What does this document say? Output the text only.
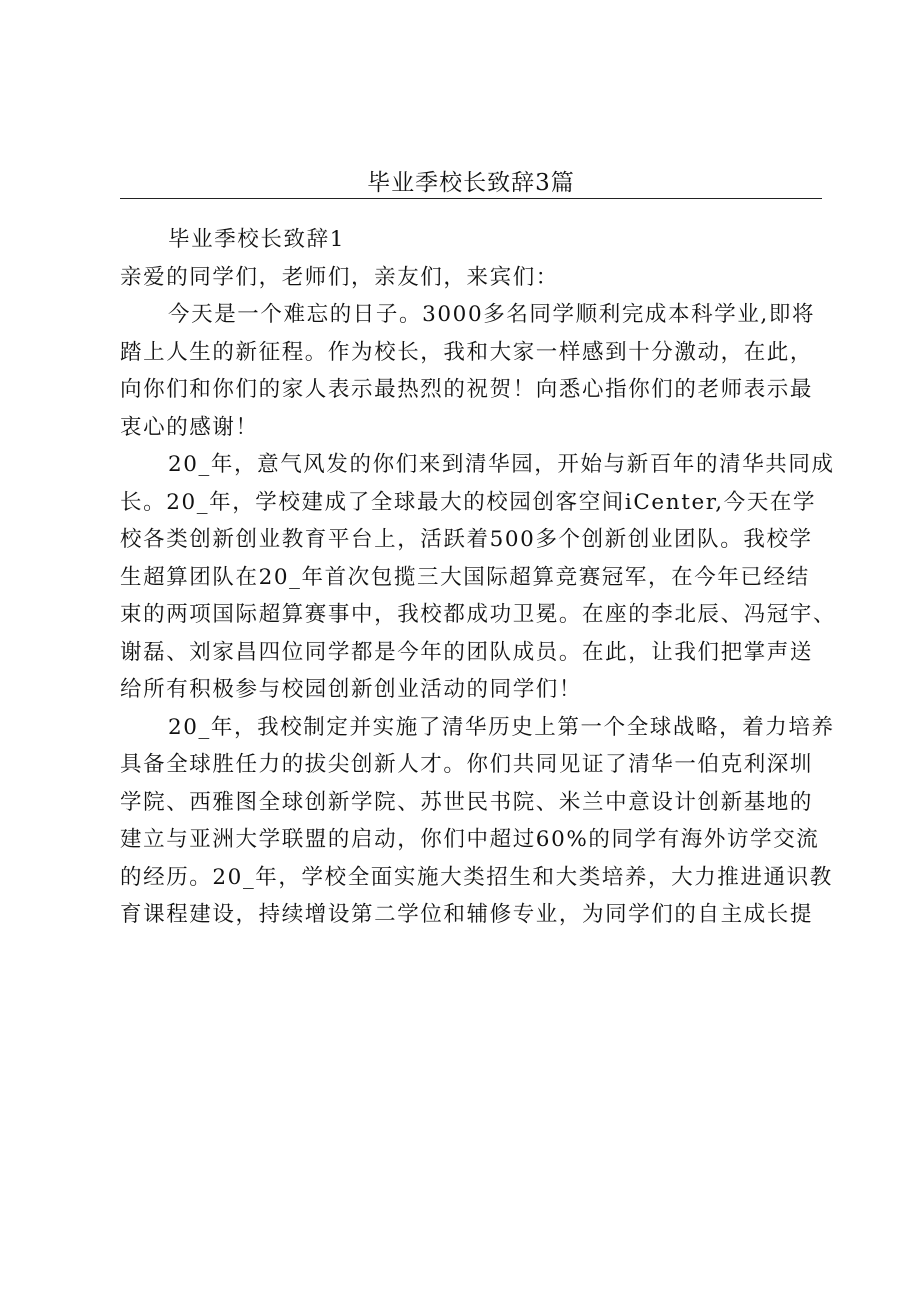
毕业季校长致辞3篇
毕业季校长致辞1
亲爱的同学们，老师们，亲友们，来宾们：
今天是一个难忘的日子。3000多名同学顺利完成本科学业,即将
踏上人生的新征程。作为校长，我和大家一样感到十分激动，在此，
向你们和你们的家人表示最热烈的祝贺！向悉心指你们的老师表示最
衷心的感谢！
20_年，意气风发的你们来到清华园，开始与新百年的清华共同成
长。20_年，学校建成了全球最大的校园创客空间iCenter,今天在学
校各类创新创业教育平台上，活跃着500多个创新创业团队。我校学
生超算团队在20_年首次包揽三大国际超算竞赛冠军，在今年已经结
束的两项国际超算赛事中，我校都成功卫冕。在座的李北辰、冯冠宇、
谢磊、刘家昌四位同学都是今年的团队成员。在此，让我们把掌声送
给所有积极参与校园创新创业活动的同学们！
20_年，我校制定并实施了清华历史上第一个全球战略，着力培养
具备全球胜任力的拔尖创新人才。你们共同见证了清华一伯克利深圳
学院、西雅图全球创新学院、苏世民书院、米兰中意设计创新基地的
建立与亚洲大学联盟的启动，你们中超过60%的同学有海外访学交流
的经历。20_年，学校全面实施大类招生和大类培养，大力推进通识教
育课程建设，持续增设第二学位和辅修专业，为同学们的自主成长提
